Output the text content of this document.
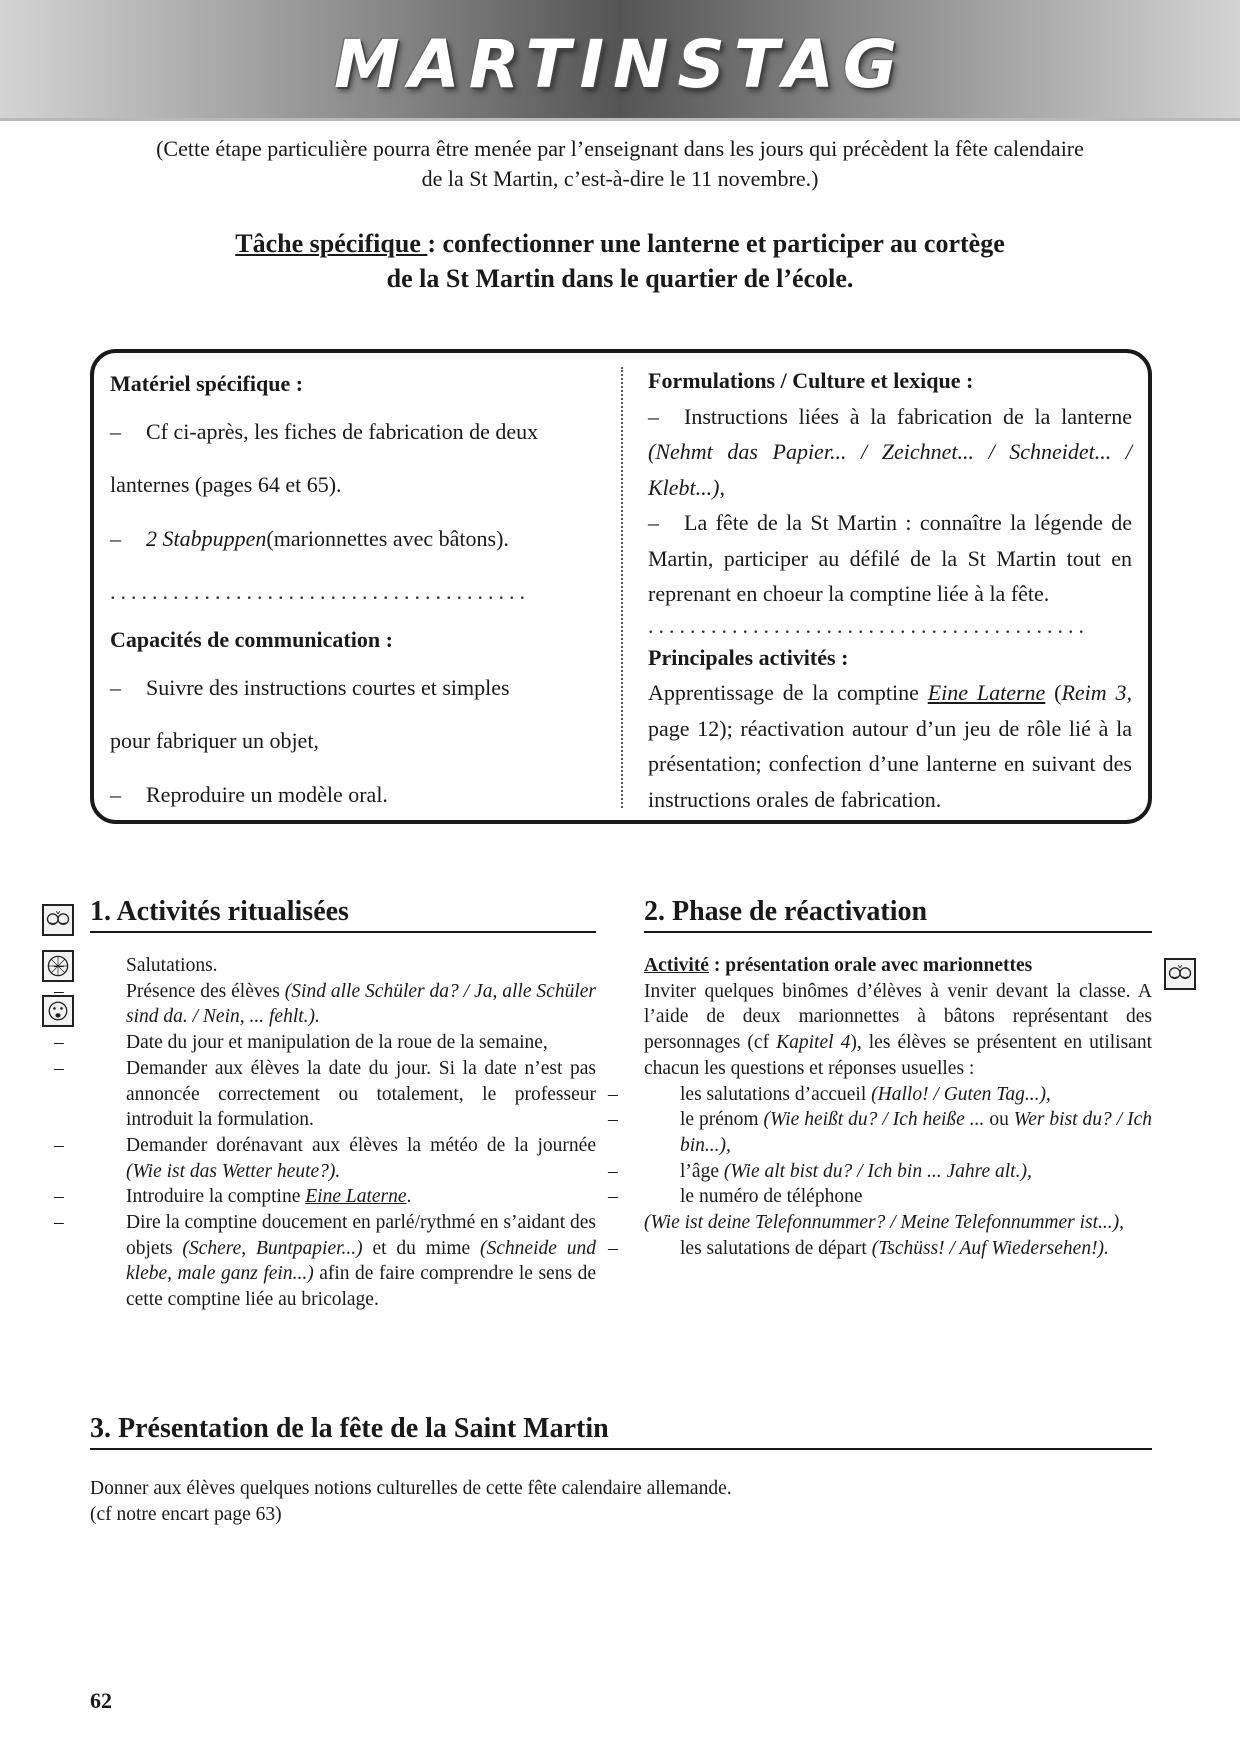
MARTINSTAG
(Cette étape particulière pourra être menée par l’enseignant dans les jours qui précèdent la fête calendaire
de la St Martin, c’est-à-dire le 11 novembre.)
Tâche spécifique : confectionner une lanterne et participer au cortège
de la St Martin dans le quartier de l’école.
Matériel spécifique :
–	Cf ci-après, les fiches de fabrication de deux
lanternes (pages 64 et 65).
–	2 Stabpuppen (marionnettes avec bâtons).
........................................
Capacités de communication :
–	Suivre des instructions courtes et simples
pour fabriquer un objet,
–	Reproduire un modèle oral.
Formulations / Culture et lexique :
– Instructions liées à la fabrication de la lanterne (Nehmt das Papier... / Zeichnet... / Schneidet... / Klebt...),
– La fête de la St Martin : connaître la légende de Martin, participer au défilé de la St Martin tout en reprenant en choeur la comptine liée à la fête.
..........................................
Principales activités :
Apprentissage de la comptine Eine Laterne (Reim 3, page 12); réactivation autour d’un jeu de rôle lié à la présentation; confection d’une lanterne en suivant des instructions orales de fabrication.
1. Activités ritualisées

–	Salutations.

–	Présence des élèves (Sind alle Schüler da? / Ja, alle Schüler sind da. / Nein, ... fehlt.).

–	Date du jour et manipulation de la roue de la semaine,

–	Demander aux élèves la date du jour. Si la date n’est pas annoncée correctement ou totalement, le professeur introduit la formulation.

–	Demander dorénavant aux élèves la météo de la journée (Wie ist das Wetter heute?).

–	Introduire la comptine Eine Laterne.

–	Dire la comptine doucement en parlé/rythmé en s’aidant des objets (Schere, Buntpapier...) et du mime (Schneide und klebe, male ganz fein...) afin de faire comprendre le sens de cette comptine liée au bricolage.

2. Phase de réactivation

Activité : présentation orale avec marionnettes

Inviter quelques binômes d’élèves à venir devant la classe. A l’aide de deux marionnettes à bâtons représentant des personnages (cf Kapitel 4), les élèves se présentent en utilisant chacun les questions et réponses usuelles :

–	les salutations d’accueil (Hallo! / Guten Tag...),

–	le prénom (Wie heißt du? / Ich heiße ... ou Wer bist du? / Ich bin...),

–	l’âge (Wie alt bist du? / Ich bin ... Jahre alt.),

–	le numéro de téléphone

(Wie ist deine Telefonnummer? / Meine Telefonnummer ist...),

–	les salutations de départ (Tschüss! / Auf Wiedersehen!).

3. Présentation de la fête de la Saint Martin

Donner aux élèves quelques notions culturelles de cette fête calendaire allemande.

(cf notre encart page 63)

62
